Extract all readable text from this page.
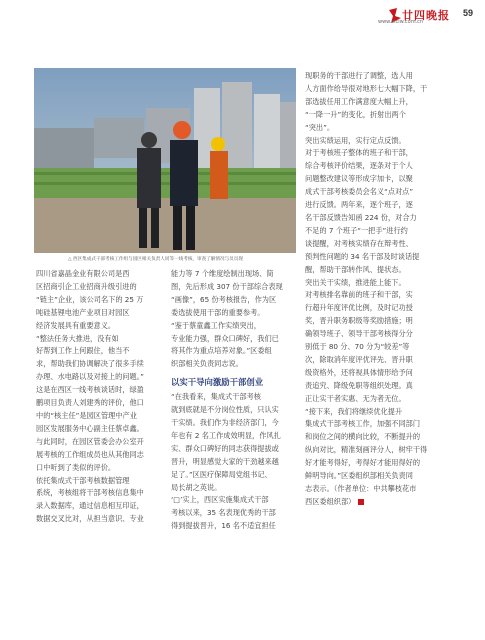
廿四晚报
www.ciciw.com.cn
59
△ 西区集成式干部考核工作组与园区相关负责人同等一线考核，审查了解情况与员员现

四川省嘉晶金业有限公司是西

区招商引企工业招商升级引进的

“链主”企业，该公司名下的 25 万

吨硅基锂电池产业项目对园区

经济发展具有重要意义。

“整法任务大推进，没有如

好帮到工作上何跟住，他当不

求，帮助我们协调解决了很多手续

办理、水电路以及对接上的问题。”

这是在西区一线考核谈话时，绿盈

鹏项目负责人刘建秀的评价，他口

中的“核主任”是园区管理中产业

园区发展服务中心副主任蔡卓鑫。

与此同时，在园区管委会办公室开

展考核的工作组成员也从其他同志

口中听到了类似的评价。

依托集成式干部考核数据管理

系统，考核组将干部考核信息集中

录入数据库，通过信息相互印证，

数据交叉比对，从担当意识、专业

能力等 7 个维度绘制出现场、简

图，先后形成 307 份干部综合表现

“画像”，65 份考核报告，作为区

委选拔使用干部的重要参考。

“鉴于蔡童鑫工作实绩突出，

专业能力强，群众口碑好，我们已

将其作为重点培养对象。”区委组

织部相关负责同志说。

以实干导向激励干部创业

“在我看来，集成式干部考核

就到底就是不分岗位性质，只认实

干实绩。我们作为非经济部门，今

年也有 2 名工作成效明显，作风扎

实、群众口碑好的同志获得提拔或

晋升，明显感觉大家的干劲越来越

足了。”区医疗保障局党组书记、

局长胡之英说。

‘□’实上，西区实施集成式干部

考核以来，35 名表现优秀的干部

得到提拔晋升，16 名不适宜担任

现职务的干部进行了调整，选人用

人方面作给导很对地形七大幅下降，干

部选拔任用工作满意度大幅上升，

“一降一升”的变化，折射出两个

“突出”。

突出实绩运用，实行定点反馈。

对于考核班子整体的班子和干部，

综合考核评价结果，逐条对于个人

问题整改建议等形成字加卡，以聚

成式干部考核委员会名义“点对点”

进行反馈。两年来，逐个班子，逐

名干部反馈告知函 224 份，对合力

不足的 7 个班子“一把手”进行约

谈提醒，对考核实绩存在辩考性、

预判性问题的 34 名干部及时谈话提

醒，帮助干部转作风、提状态。

突出关干实绩，推进能上能下。

对考核排名靠前的班子和干部，实

行超升年度评优比例，及时记功授

奖，晋升职务职级等奖励措施；明

确领导班子、领导干部考核得分分

别低于 80 分、70 分为“较差”等

次，除取消年度评优评先、晋升职

级资格外，还将视具体情形给予问

责追究、降级免职等组织处理。真

正让实干者实惠、无为者无位。

“接下来，我们将继续优化提升

集成式干部考核工作，加强不同部门

和岗位之间的横向比较，不断提升的

纵向对比，精准刻画评分人，树牢干得

好才能考得好，考得好才能用得好的

鲜明导向。”区委组织部相关负责同

志表示。（作者单位：中共攀枝花市

西区委组织部）
